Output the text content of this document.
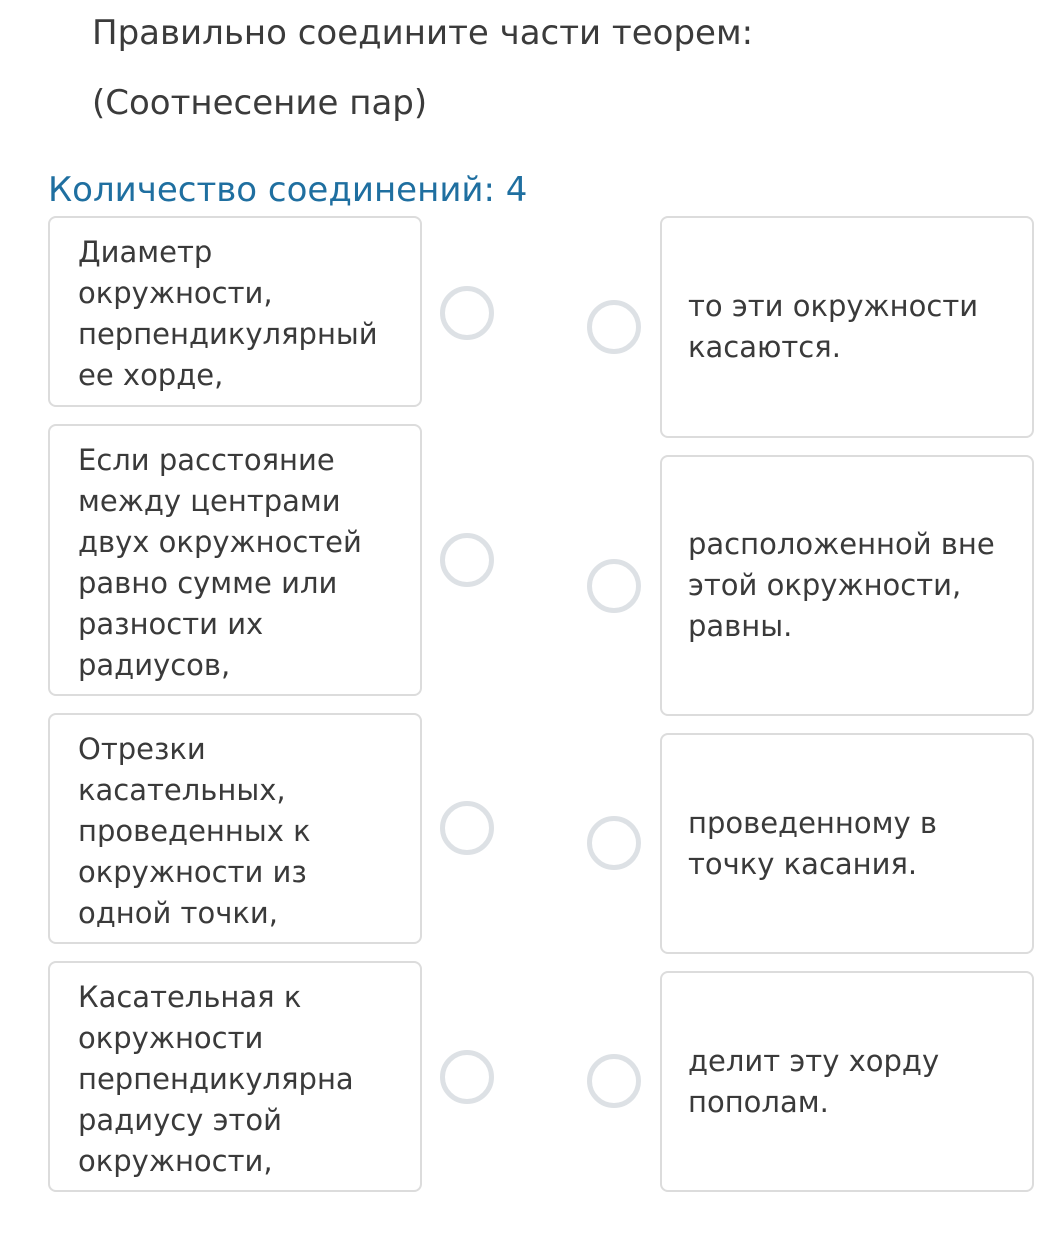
Правильно соедините части теорем:
(Соотнесение пар)
Количество соединений: 4
Диаметр окружности, перпендикулярный ее хорде,
Если расстояние между центрами двух окружностей равно сумме или разности их радиусов,
Отрезки касательных, проведенных к окружности из одной точки,
Касательная к окружности перпендикулярна радиусу этой окружности,
то эти окружности касаются.
расположенной вне этой окружности, равны.
проведенному в точку касания.
делит эту хорду пополам.
